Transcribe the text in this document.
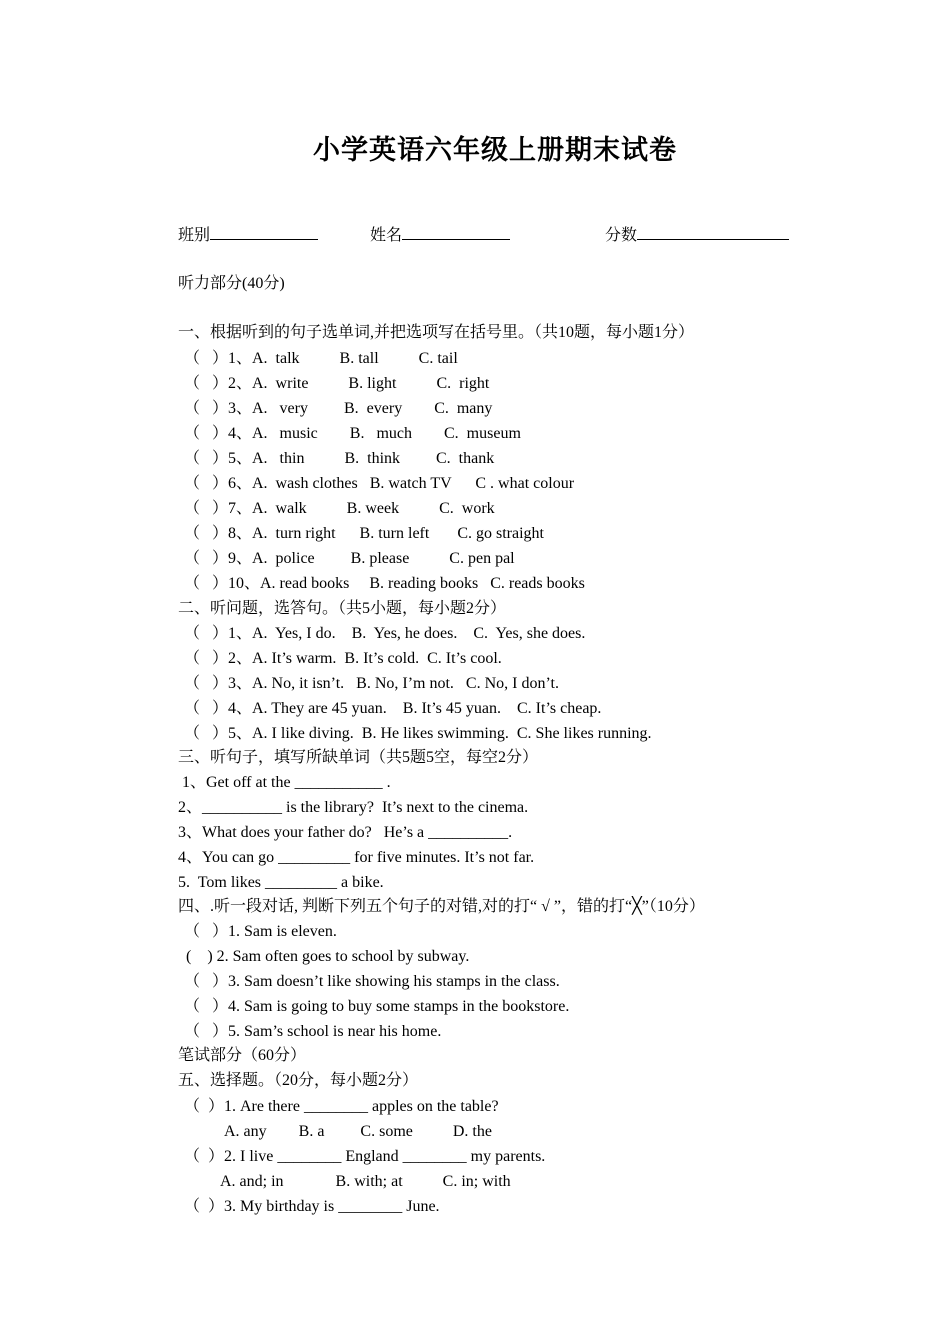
小学英语六年级上册期末试卷
班别	姓名	分数
听力部分(40分)
一、根据听到的句子选单词,并把选项写在括号里。（共10题，每小题1分）
（   ）1、A.  talk          B. tall          C. tail
（   ）2、A.  write          B. light          C.  right
（   ）3、A.   very         B.  every        C.  many
（   ）4、A.   music        B.   much        C.  museum
（   ）5、A.   thin          B.  think         C.  thank
（   ）6、A.  wash clothes   B. watch TV      C . what colour
（   ）7、A.  walk          B. week          C.  work
（   ）8、A.  turn right      B. turn left       C. go straight
（   ）9、A.  police         B. please          C. pen pal
（   ）10、A. read books     B. reading books   C. reads books
二、听问题，选答句。（共5小题，每小题2分）
（   ）1、A.  Yes, I do.    B.  Yes, he does.    C.  Yes, she does.
（   ）2、A. It’s warm.  B. It’s cold.  C. It’s cool.
（   ）3、A. No, it isn’t.   B. No, I’m not.   C. No, I don’t.
（   ）4、A. They are 45 yuan.    B. It’s 45 yuan.    C. It’s cheap.
（   ）5、A. I like diving.  B. He likes swimming.  C. She likes running.
三、听句子，填写所缺单词（共5题5空，每空2分）
1、Get off at the ___________ .
2、__________ is the library?  It’s next to the cinema.
3、What does your father do?   He’s a __________.
4、You can go _________ for five minutes. It’s not far.
5.  Tom likes _________ a bike.
四、.听一段对话, 判断下列五个句子的对错,对的打“ √ ”，错的打“╳”（10分）
（   ）1. Sam is eleven.
(    ) 2. Sam often goes to school by subway.
（   ）3. Sam doesn’t like showing his stamps in the class.
（   ）4. Sam is going to buy some stamps in the bookstore.
（   ）5. Sam’s school is near his home.
笔试部分（60分）
五、选择题。（20分，每小题2分）
（  ）1. Are there ________ apples on the table?
A. any        B. a         C. some          D. the
（  ）2. I live ________ England ________ my parents.
A. and; in             B. with; at          C. in; with
（  ）3. My birthday is ________ June.
